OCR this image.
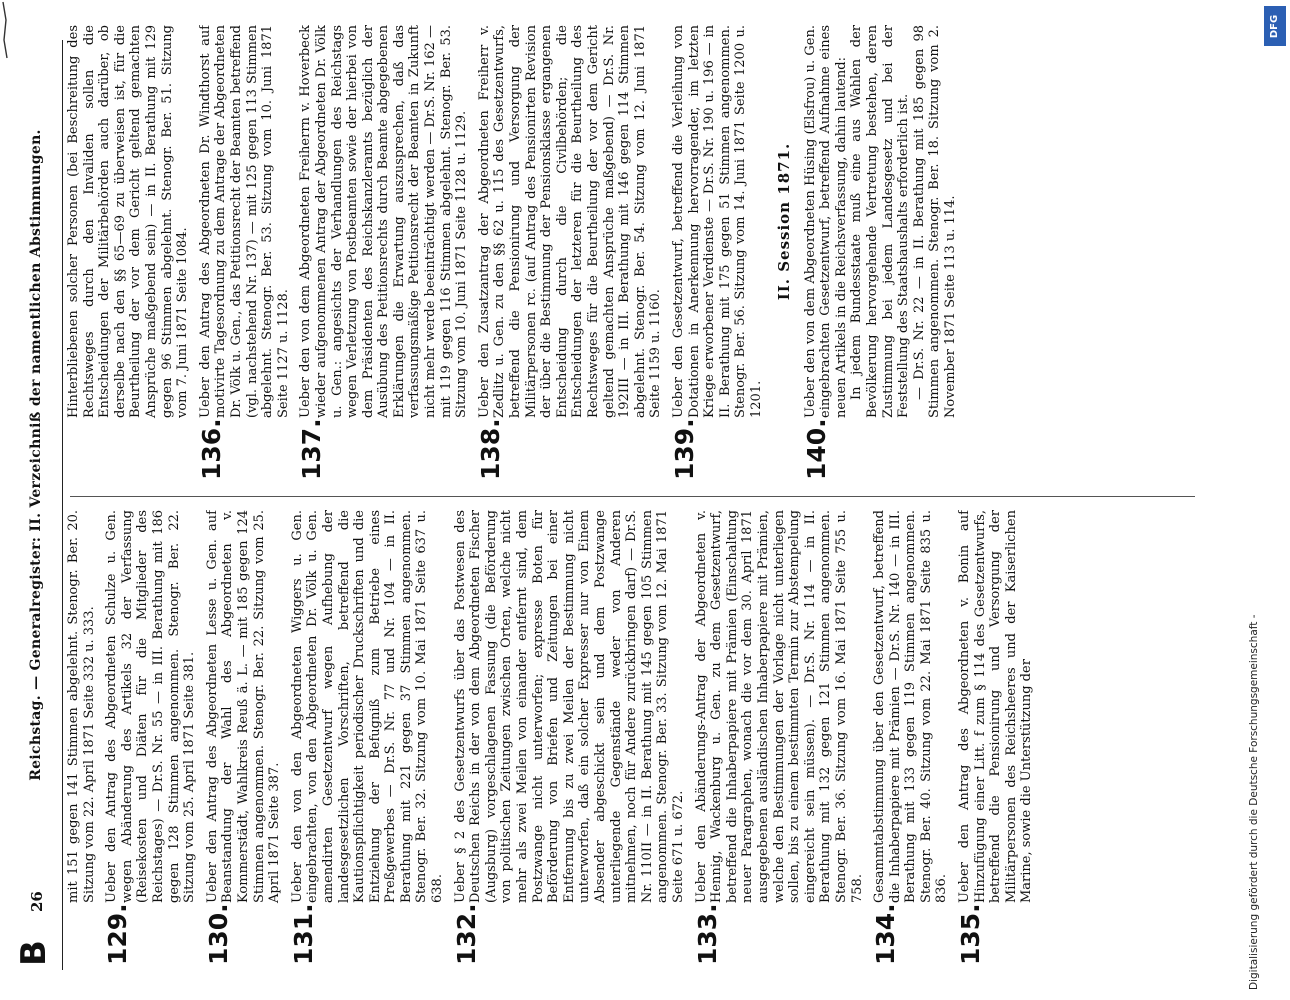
B
26
Reichstag. — Generalregister: II. Verzeichniß der namentlichen Abstimmungen. mit 151 gegen 141 Stimmen abgelehnt. Stenogr. Ber. 20. Sitzung vom 22. April 1871 Seite 332 u. 333.
129.
Ueber den Antrag des Abgeordneten Schulze u. Gen. wegen Abänderung des Artikels 32 der Verfassung (Reisekosten und Diäten für die Mitglieder des Reichstages) — Dr.S. Nr. 55 — in III. Berathung mit 186 gegen 128 Stimmen angenommen. Stenogr. Ber. 22. Sitzung vom 25. April 1871 Seite 381.
130.
Ueber den Antrag des Abgeordneten Lesse u. Gen. auf Beanstandung der Wahl des Abgeordneten v. Kommerstädt, Wahlkreis Reuß ä. L. — mit 185 gegen 124 Stimmen angenommen. Stenogr. Ber. 22. Sitzung vom 25. April 1871 Seite 387.
131.
Ueber den von den Abgeordneten Wiggers u. Gen. eingebrachten, von den Abgeordneten Dr. Völk u. Gen. amendirten Gesetzentwurf wegen Aufhebung der landesgesetzlichen Vorschriften, betreffend die Kautionspflichtigkeit periodischer Druckschriften und die Entziehung der Befugniß zum Betriebe eines Preßgewerbes — Dr.S. Nr. 77 und Nr. 104 — in II. Berathung mit 221 gegen 37 Stimmen angenommen. Stenogr. Ber. 32. Sitzung vom 10. Mai 1871 Seite 637 u. 638.
132.
Ueber § 2 des Gesetzentwurfs über das Postwesen des Deutschen Reichs in der von dem Abgeordneten Fischer (Augsburg) vorgeschlagenen Fassung (die Beförderung von politischen Zeitungen zwischen Orten, welche nicht mehr als zwei Meilen von einander entfernt sind, dem Postzwange nicht unterworfen; expresse Boten für Beförderung von Briefen und Zeitungen bei einer Entfernung bis zu zwei Meilen der Bestimmung nicht unterworfen, daß ein solcher Expresser nur von Einem Absender abgeschickt sein und dem Postzwange unterliegende Gegenstände weder von Anderen mitnehmen, noch für Andere zurückbringen darf) — Dr.S. Nr. 110II — in II. Berathung mit 145 gegen 105 Stimmen angenommen. Stenogr. Ber. 33. Sitzung vom 12. Mai 1871 Seite 671 u. 672.
133.
Ueber den Abänderungs-Antrag der Abgeordneten v. Hennig, Wackenburg u. Gen. zu dem Gesetzentwurf, betreffend die Inhaberpapiere mit Prämien (Einschaltung neuer Paragraphen, wonach die vor dem 30. April 1871 ausgegebenen ausländischen Inhaberpapiere mit Prämien, welche den Bestimmungen der Vorlage nicht unterliegen sollen, bis zu einem bestimmten Termin zur Abstempelung eingereicht sein müssen). — Dr.S. Nr. 114 — in II. Berathung mit 132 gegen 121 Stimmen angenommen. Stenogr. Ber. 36. Sitzung vom 16. Mai 1871 Seite 755 u. 758.
134.
Gesammtabstimmung über den Gesetzentwurf, betreffend die Inhaberpapiere mit Prämien — Dr.S. Nr. 140 — in III. Berathung mit 133 gegen 119 Stimmen angenommen. Stenogr. Ber. 40. Sitzung vom 22. Mai 1871 Seite 835 u. 836.
135.
Ueber den Antrag des Abgeordneten v. Bonin auf Hinzufügung einer Litt. f zum § 114 des Gesetzentwurfs, betreffend die Pensionirung und Versorgung der Militärpersonen des Reichsheeres und der Kaiserlichen Marine, sowie die Unterstützung der
Hinterbliebenen solcher Personen (bei Beschreitung des Rechtsweges durch den Invaliden sollen die Entscheidungen der Militärbehörden auch darüber, ob derselbe nach den §§ 65—69 zu überweisen ist, für die Beurtheilung der vor dem Gericht geltend gemachten Ansprüche maßgebend sein) — in II. Berathung mit 129 gegen 96 Stimmen abgelehnt. Stenogr. Ber. 51. Sitzung vom 7. Juni 1871 Seite 1084.
136.
Ueber den Antrag des Abgeordneten Dr. Windthorst auf motivirte Tagesordnung zu dem Antrage der Abgeordneten Dr. Völk u. Gen., das Petitionsrecht der Beamten betreffend (vgl. nachstehend Nr. 137) — mit 125 gegen 113 Stimmen abgelehnt. Stenogr. Ber. 53. Sitzung vom 10. Juni 1871 Seite 1127 u. 1128.
137.
Ueber den von dem Abgeordneten Freiherrn v. Hoverbeck wieder aufgenommenen Antrag der Abgeordneten Dr. Völk u. Gen.: angesichts der Verhandlungen des Reichstags wegen Verletzung von Postbeamten sowie der hierbei von dem Präsidenten des Reichskanzleramts bezüglich der Ausübung des Petitionsrechts durch Beamte abgegebenen Erklärungen die Erwartung auszusprechen, daß das verfassungsmäßige Petitionsrecht der Beamten in Zukunft nicht mehr werde beeinträchtigt werden — Dr.S. Nr. 162 — mit 119 gegen 116 Stimmen abgelehnt. Stenogr. Ber. 53. Sitzung vom 10. Juni 1871 Seite 1128 u. 1129.
138.
Ueber den Zusatzantrag der Abgeordneten Freiherr v. Zedlitz u. Gen. zu den §§ 62 u. 115 des Gesetzentwurfs, betreffend die Pensionirung und Versorgung der Militärpersonen rc. (auf Antrag des Pensionirten Revision der über die Bestimmung der Pensionsklasse ergangenen Entscheidung durch die Civilbehörden; die Entscheidungen der letzteren für die Beurtheilung des Rechtsweges für die Beurtheilung der vor dem Gericht geltend gemachten Ansprüche maßgebend) — Dr.S. Nr. 192III — in III. Berathung mit 146 gegen 114 Stimmen abgelehnt. Stenogr. Ber. 54. Sitzung vom 12. Juni 1871 Seite 1159 u. 1160.
139.
Ueber den Gesetzentwurf, betreffend die Verleihung von Dotationen in Anerkennung hervorragender, im letzten Kriege erworbener Verdienste — Dr.S. Nr. 190 u. 196 — in II. Berathung mit 175 gegen 51 Stimmen angenommen. Stenogr. Ber. 56. Sitzung vom 14. Juni 1871 Seite 1200 u. 1201.
II. Session 1871.
140.
Ueber den von dem Abgeordneten Hüsing (Elsfrou) u. Gen. eingebrachten Gesetzentwurf, betreffend Aufnahme eines neuen Artikels in die Reichsverfassung, dahin lautend: In jedem Bundesstaate muß eine aus Wahlen der Bevölkerung hervorgehende Vertretung bestehen, deren Zustimmung bei jedem Landesgesetz und bei der Feststellung des Staatshaushalts erforderlich ist. — Dr.S. Nr. 22 — in II. Berathung mit 185 gegen 98 Stimmen angenommen. Stenogr. Ber. 18. Sitzung vom 2. November 1871 Seite 113 u. 114.
Digitalisierung gefördert durch die Deutsche Forschungsgemeinschaft -
DFG
